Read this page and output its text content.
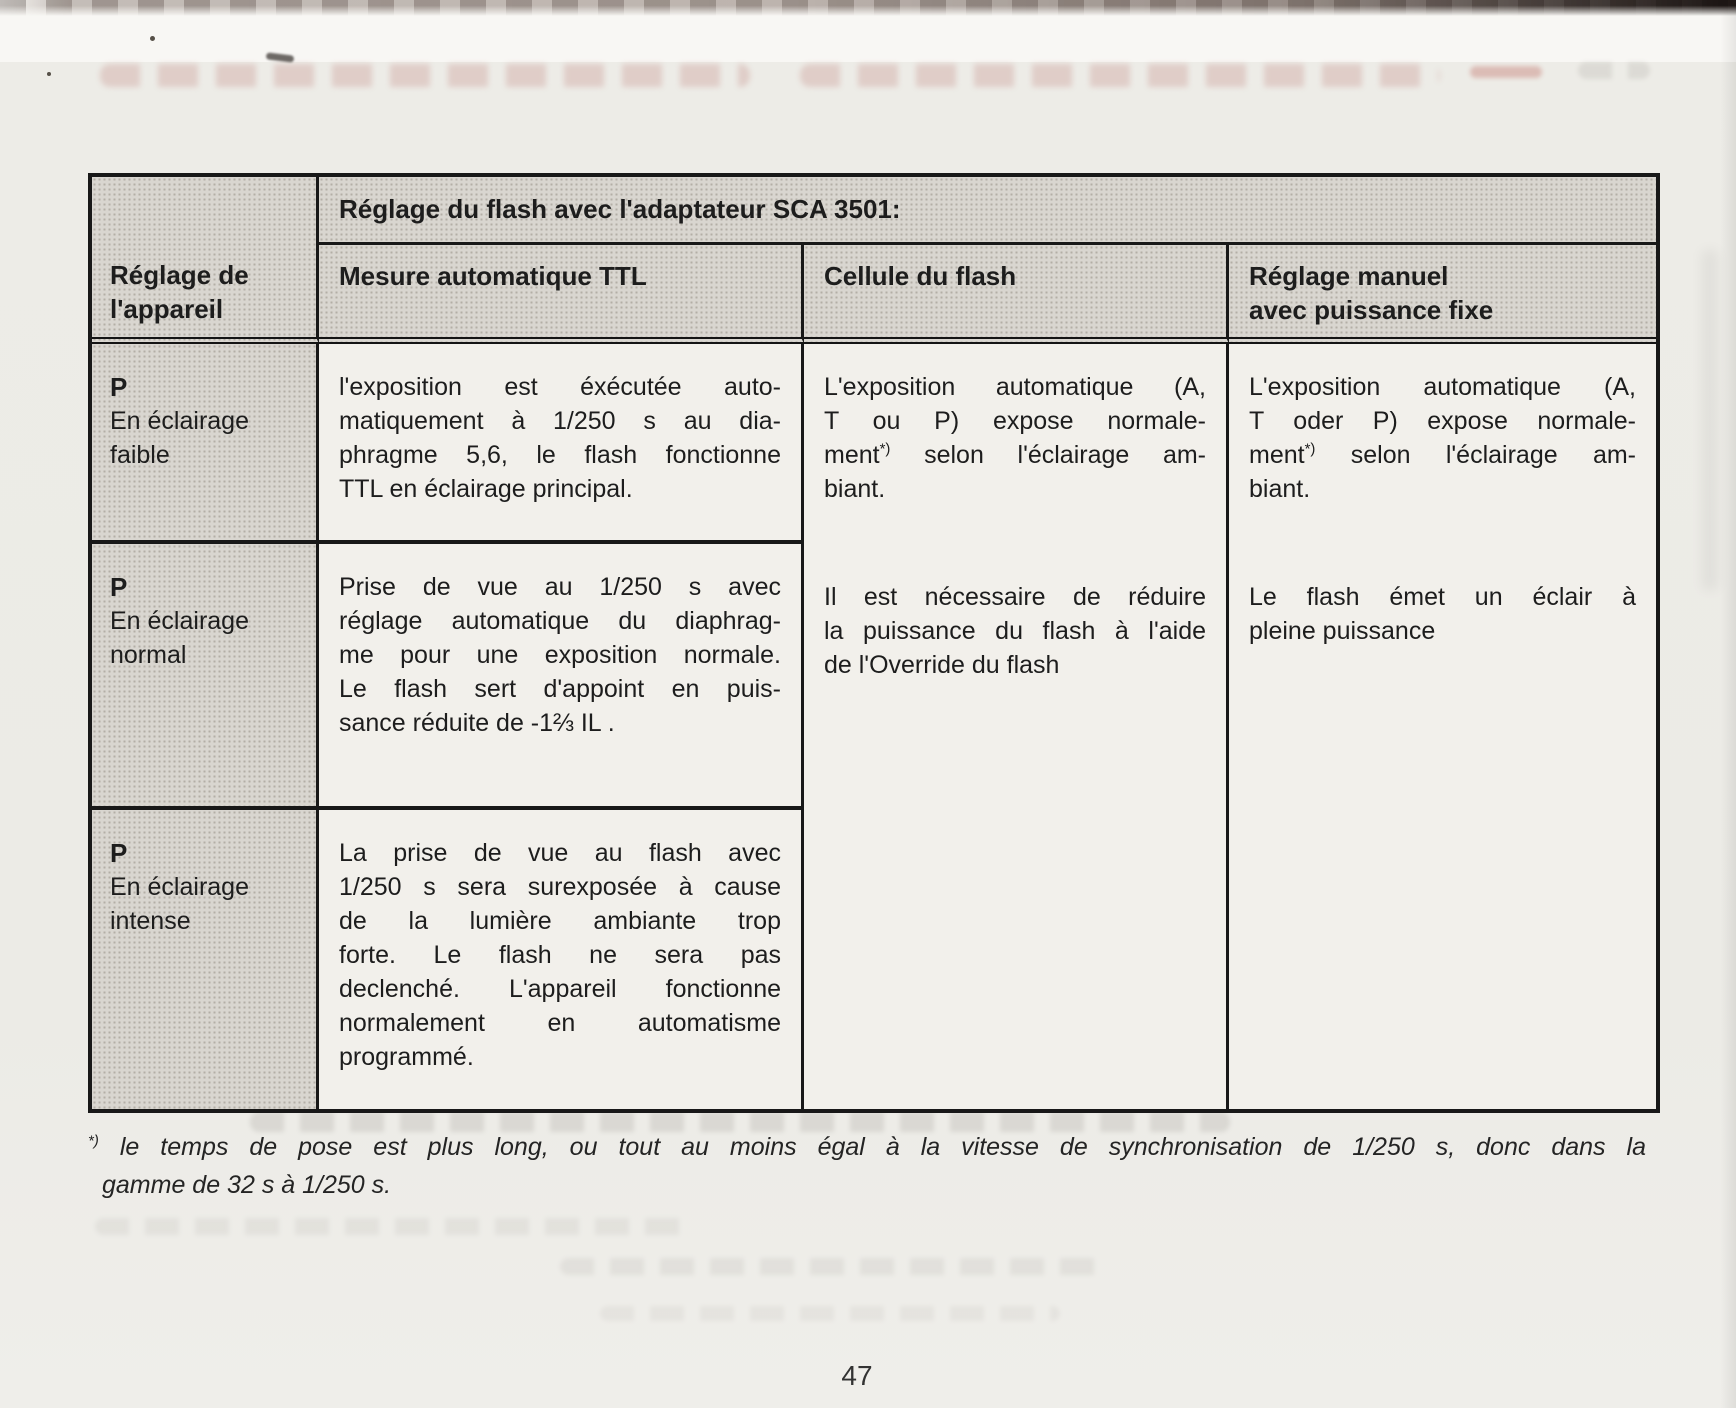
Réglage de
l'appareil
Réglage du flash avec l'adaptateur SCA 3501:
Mesure automatique TTL	Cellule du flash	Réglage manuel
avec puissance fixe
P
En éclairage
faible
l'exposition est éxécutée auto-
matiquement à 1/250 s au dia-
phragme 5,6, le flash fonctionne
TTL en éclairage principal.
L'exposition automatique (A,
T ou P) expose normale-
ment*) selon l'éclairage am-
biant.
Il est nécessaire de réduire
la puissance du flash à l'aide
de l'Override du flash
L'exposition automatique (A,
T oder P) expose normale-
ment*) selon l'éclairage am-
biant.
Le flash émet un éclair à
pleine puissance
P
En éclairage
normal
Prise de vue au 1/250 s avec
réglage automatique du diaphrag-
me pour une exposition normale.
Le flash sert d'appoint en puis-
sance réduite de -1⅔ IL .
P
En éclairage
intense
La prise de vue au flash avec
1/250 s sera surexposée à cause
de la lumière ambiante trop
forte. Le flash ne sera pas
declenché. L'appareil fonctionne
normalement en automatisme
programmé.
*) le temps de pose est plus long, ou tout au moins égal à la vitesse de synchronisation de 1/250 s, donc dans la
gamme de 32 s à 1/250 s.
47
